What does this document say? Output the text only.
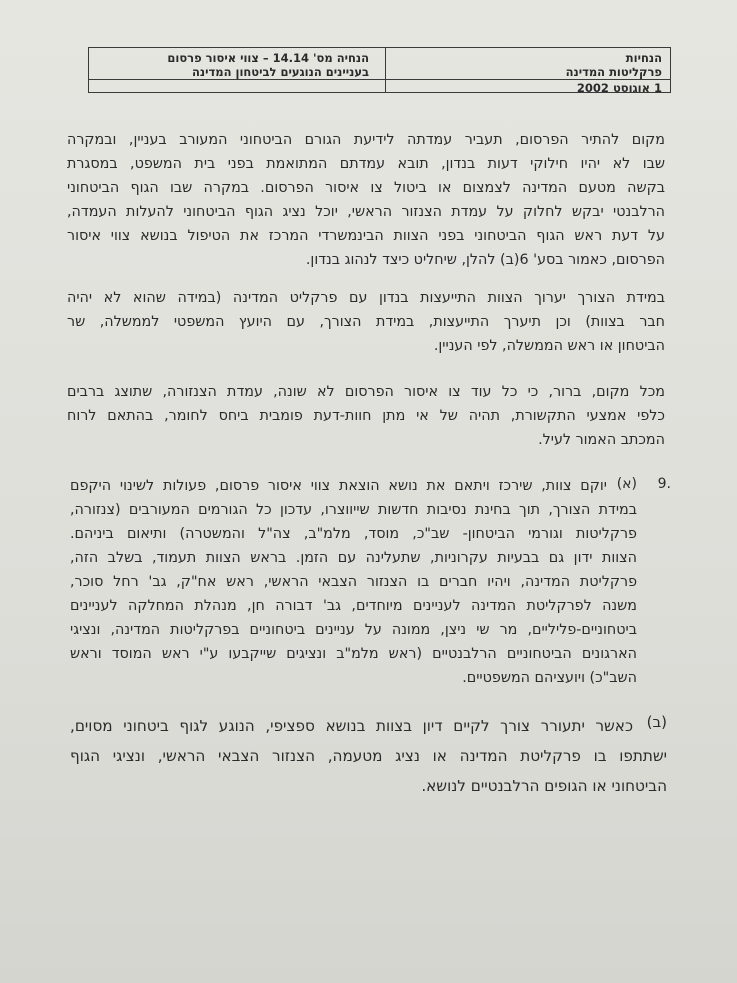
הנחיות
פרקליטות המדינה
1 אוגוסט 2002
הנחיה מס' 14.14 – צווי איסור פרסום
בעניינים הנוגעים לביטחון המדינה
מקום להתיר הפרסום, תעביר עמדתה לידיעת הגורם הביטחוני המעורב בעניין, ובמקרה
שבו לא יהיו חילוקי דעות בנדון, תובא עמדתם המתואמת בפני בית המשפט, במסגרת
בקשה מטעם המדינה לצמצום או ביטול צו איסור הפרסום. במקרה שבו הגוף הביטחוני
הרלבנטי יבקש לחלוק על עמדת הצנזור הראשי, יוכל נציג הגוף הביטחוני להעלות העמדה,
על דעת ראש הגוף הביטחוני בפני הצוות הבינמשרדי המרכז את הטיפול בנושא צווי איסור
הפרסום, כאמור בסע' 6(ב) להלן, שיחליט כיצד לנהוג בנדון.
במידת הצורך יערוך הצוות התייעצות בנדון עם פרקליט המדינה (במידה שהוא לא יהיה
חבר בצוות) וכן תיערך התייעצות, במידת הצורך, עם היועץ המשפטי לממשלה, שר
הביטחון או ראש הממשלה, לפי העניין.
מכל מקום, ברור, כי כל עוד צו איסור הפרסום לא שונה, עמדת הצנזורה, שתוצג ברבים
כלפי אמצעי התקשורת, תהיה של אי מתן חוות-דעת פומבית ביחס לחומר, בהתאם לרוח
המכתב האמור לעיל.
.9
(א)
יוקם צוות, שירכז ויתאם את נושא הוצאת צווי איסור פרסום, פעולות לשינוי היקפם
במידת הצורך, תוך בחינת נסיבות חדשות שייווצרו, עדכון כל הגורמים המעורבים (צנזורה,
פרקליטות וגורמי הביטחון- שב"כ, מוסד, מלמ"ב, צה"ל והמשטרה) ותיאום ביניהם.
הצוות ידון גם בבעיות עקרוניות, שתעלינה עם הזמן. בראש הצוות תעמוד, בשלב הזה,
פרקליטת המדינה, ויהיו חברים בו הצנזור הצבאי הראשי, ראש אח"ק, גב' רחל סוכר,
משנה לפרקליטת המדינה לעניינים מיוחדים, גב' דבורה חן, מנהלת המחלקה לעניינים
ביטחוניים-פליליים, מר שי ניצן, ממונה על עניינים ביטחוניים בפרקליטות המדינה, ונציגי
הארגונים הביטחוניים הרלבנטיים (ראש מלמ"ב ונציגים שייקבעו ע"י ראש המוסד וראש
השב"כ) ויועציהם המשפטיים.
(ב)
כאשר יתעורר צורך לקיים דיון בצוות בנושא ספציפי, הנוגע לגוף ביטחוני מסוים,
ישתתפו בו פרקליטת המדינה או נציג מטעמה, הצנזור הצבאי הראשי, ונציגי הגוף
הביטחוני או הגופים הרלבנטיים לנושא.
